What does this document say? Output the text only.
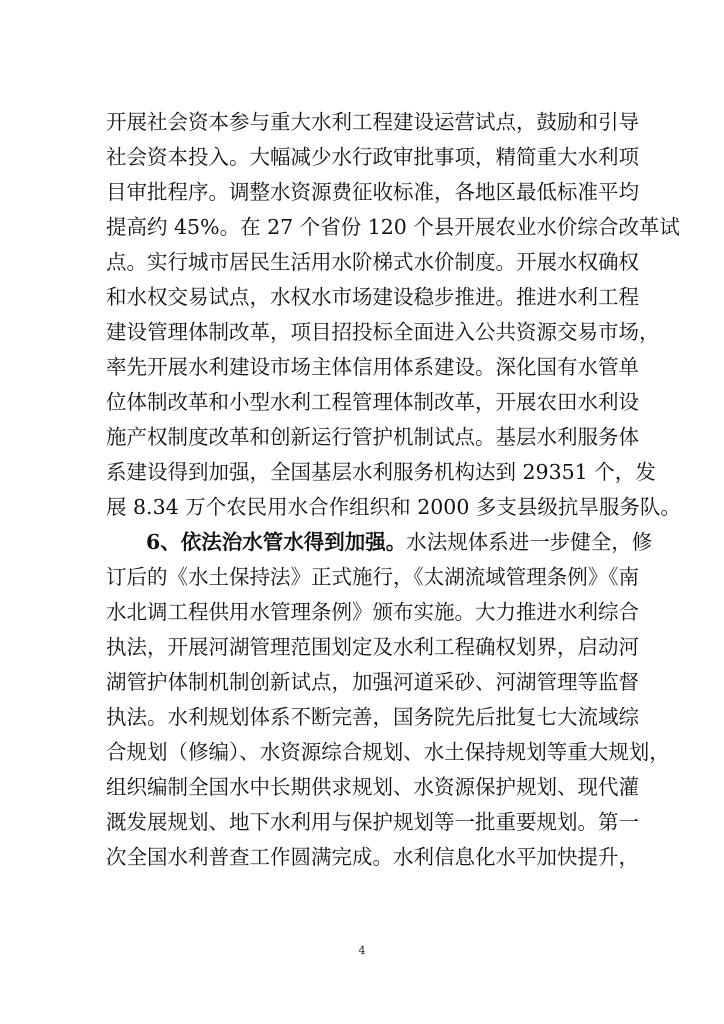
开展社会资本参与重大水利工程建设运营试点，鼓励和引导

社会资本投入。大幅减少水行政审批事项，精简重大水利项

目审批程序。调整水资源费征收标准，各地区最低标准平均

提高约 45%。在 27 个省份 120 个县开展农业水价综合改革试

点。实行城市居民生活用水阶梯式水价制度。开展水权确权

和水权交易试点，水权水市场建设稳步推进。推进水利工程

建设管理体制改革，项目招投标全面进入公共资源交易市场，

率先开展水利建设市场主体信用体系建设。深化国有水管单

位体制改革和小型水利工程管理体制改革，开展农田水利设

施产权制度改革和创新运行管护机制试点。基层水利服务体

系建设得到加强，全国基层水利服务机构达到 29351 个，发

展 8.34 万个农民用水合作组织和 2000 多支县级抗旱服务队。

6、依法治水管水得到加强。水法规体系进一步健全，修

订后的《水土保持法》正式施行，《太湖流域管理条例》《南

水北调工程供用水管理条例》颁布实施。大力推进水利综合

执法，开展河湖管理范围划定及水利工程确权划界，启动河

湖管护体制机制创新试点，加强河道采砂、河湖管理等监督

执法。水利规划体系不断完善，国务院先后批复七大流域综

合规划（修编）、水资源综合规划、水土保持规划等重大规划，

组织编制全国水中长期供求规划、水资源保护规划、现代灌

溉发展规划、地下水利用与保护规划等一批重要规划。第一

次全国水利普查工作圆满完成。水利信息化水平加快提升，

4
